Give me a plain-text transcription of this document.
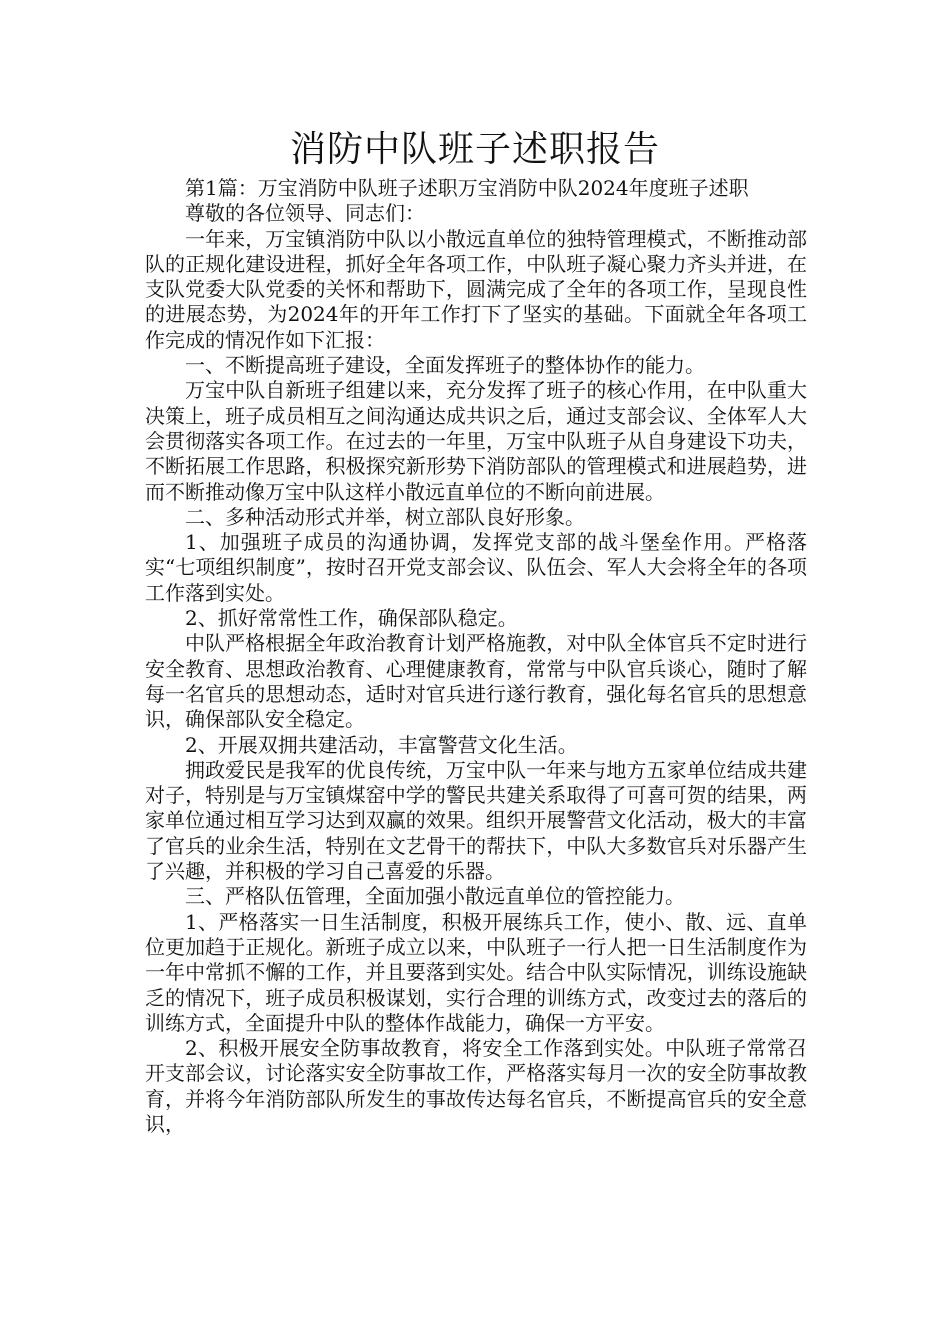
消防中队班子述职报告

第1篇：万宝消防中队班子述职万宝消防中队2024年度班子述职

尊敬的各位领导、同志们：

一年来，万宝镇消防中队以小散远直单位的独特管理模式，不断推动部队的正规化建设进程，抓好全年各项工作，中队班子凝心聚力齐头并进，在支队党委大队党委的关怀和帮助下，圆满完成了全年的各项工作，呈现良性的进展态势，为2024年的开年工作打下了坚实的基础。下面就全年各项工作完成的情况作如下汇报：

一、不断提高班子建设，全面发挥班子的整体协作的能力。

万宝中队自新班子组建以来，充分发挥了班子的核心作用，在中队重大决策上，班子成员相互之间沟通达成共识之后，通过支部会议、全体军人大会贯彻落实各项工作。在过去的一年里，万宝中队班子从自身建设下功夫，不断拓展工作思路，积极探究新形势下消防部队的管理模式和进展趋势，进而不断推动像万宝中队这样小散远直单位的不断向前进展。

二、多种活动形式并举，树立部队良好形象。

1、加强班子成员的沟通协调，发挥党支部的战斗堡垒作用。严格落实“七项组织制度”，按时召开党支部会议、队伍会、军人大会将全年的各项工作落到实处。

2、抓好常常性工作，确保部队稳定。

中队严格根据全年政治教育计划严格施教，对中队全体官兵不定时进行安全教育、思想政治教育、心理健康教育，常常与中队官兵谈心，随时了解每一名官兵的思想动态，适时对官兵进行遂行教育，强化每名官兵的思想意识，确保部队安全稳定。

2、开展双拥共建活动，丰富警营文化生活。

拥政爱民是我军的优良传统，万宝中队一年来与地方五家单位结成共建对子，特别是与万宝镇煤窑中学的警民共建关系取得了可喜可贺的结果，两家单位通过相互学习达到双赢的效果。组织开展警营文化活动，极大的丰富了官兵的业余生活，特别在文艺骨干的帮扶下，中队大多数官兵对乐器产生了兴趣，并积极的学习自己喜爱的乐器。

三、严格队伍管理，全面加强小散远直单位的管控能力。

1、严格落实一日生活制度，积极开展练兵工作，使小、散、远、直单位更加趋于正规化。新班子成立以来，中队班子一行人把一日生活制度作为一年中常抓不懈的工作，并且要落到实处。结合中队实际情况，训练设施缺乏的情况下，班子成员积极谋划，实行合理的训练方式，改变过去的落后的训练方式，全面提升中队的整体作战能力，确保一方平安。

2、积极开展安全防事故教育，将安全工作落到实处。中队班子常常召开支部会议，讨论落实安全防事故工作，严格落实每月一次的安全防事故教育，并将今年消防部队所发生的事故传达每名官兵，不断提高官兵的安全意识，
